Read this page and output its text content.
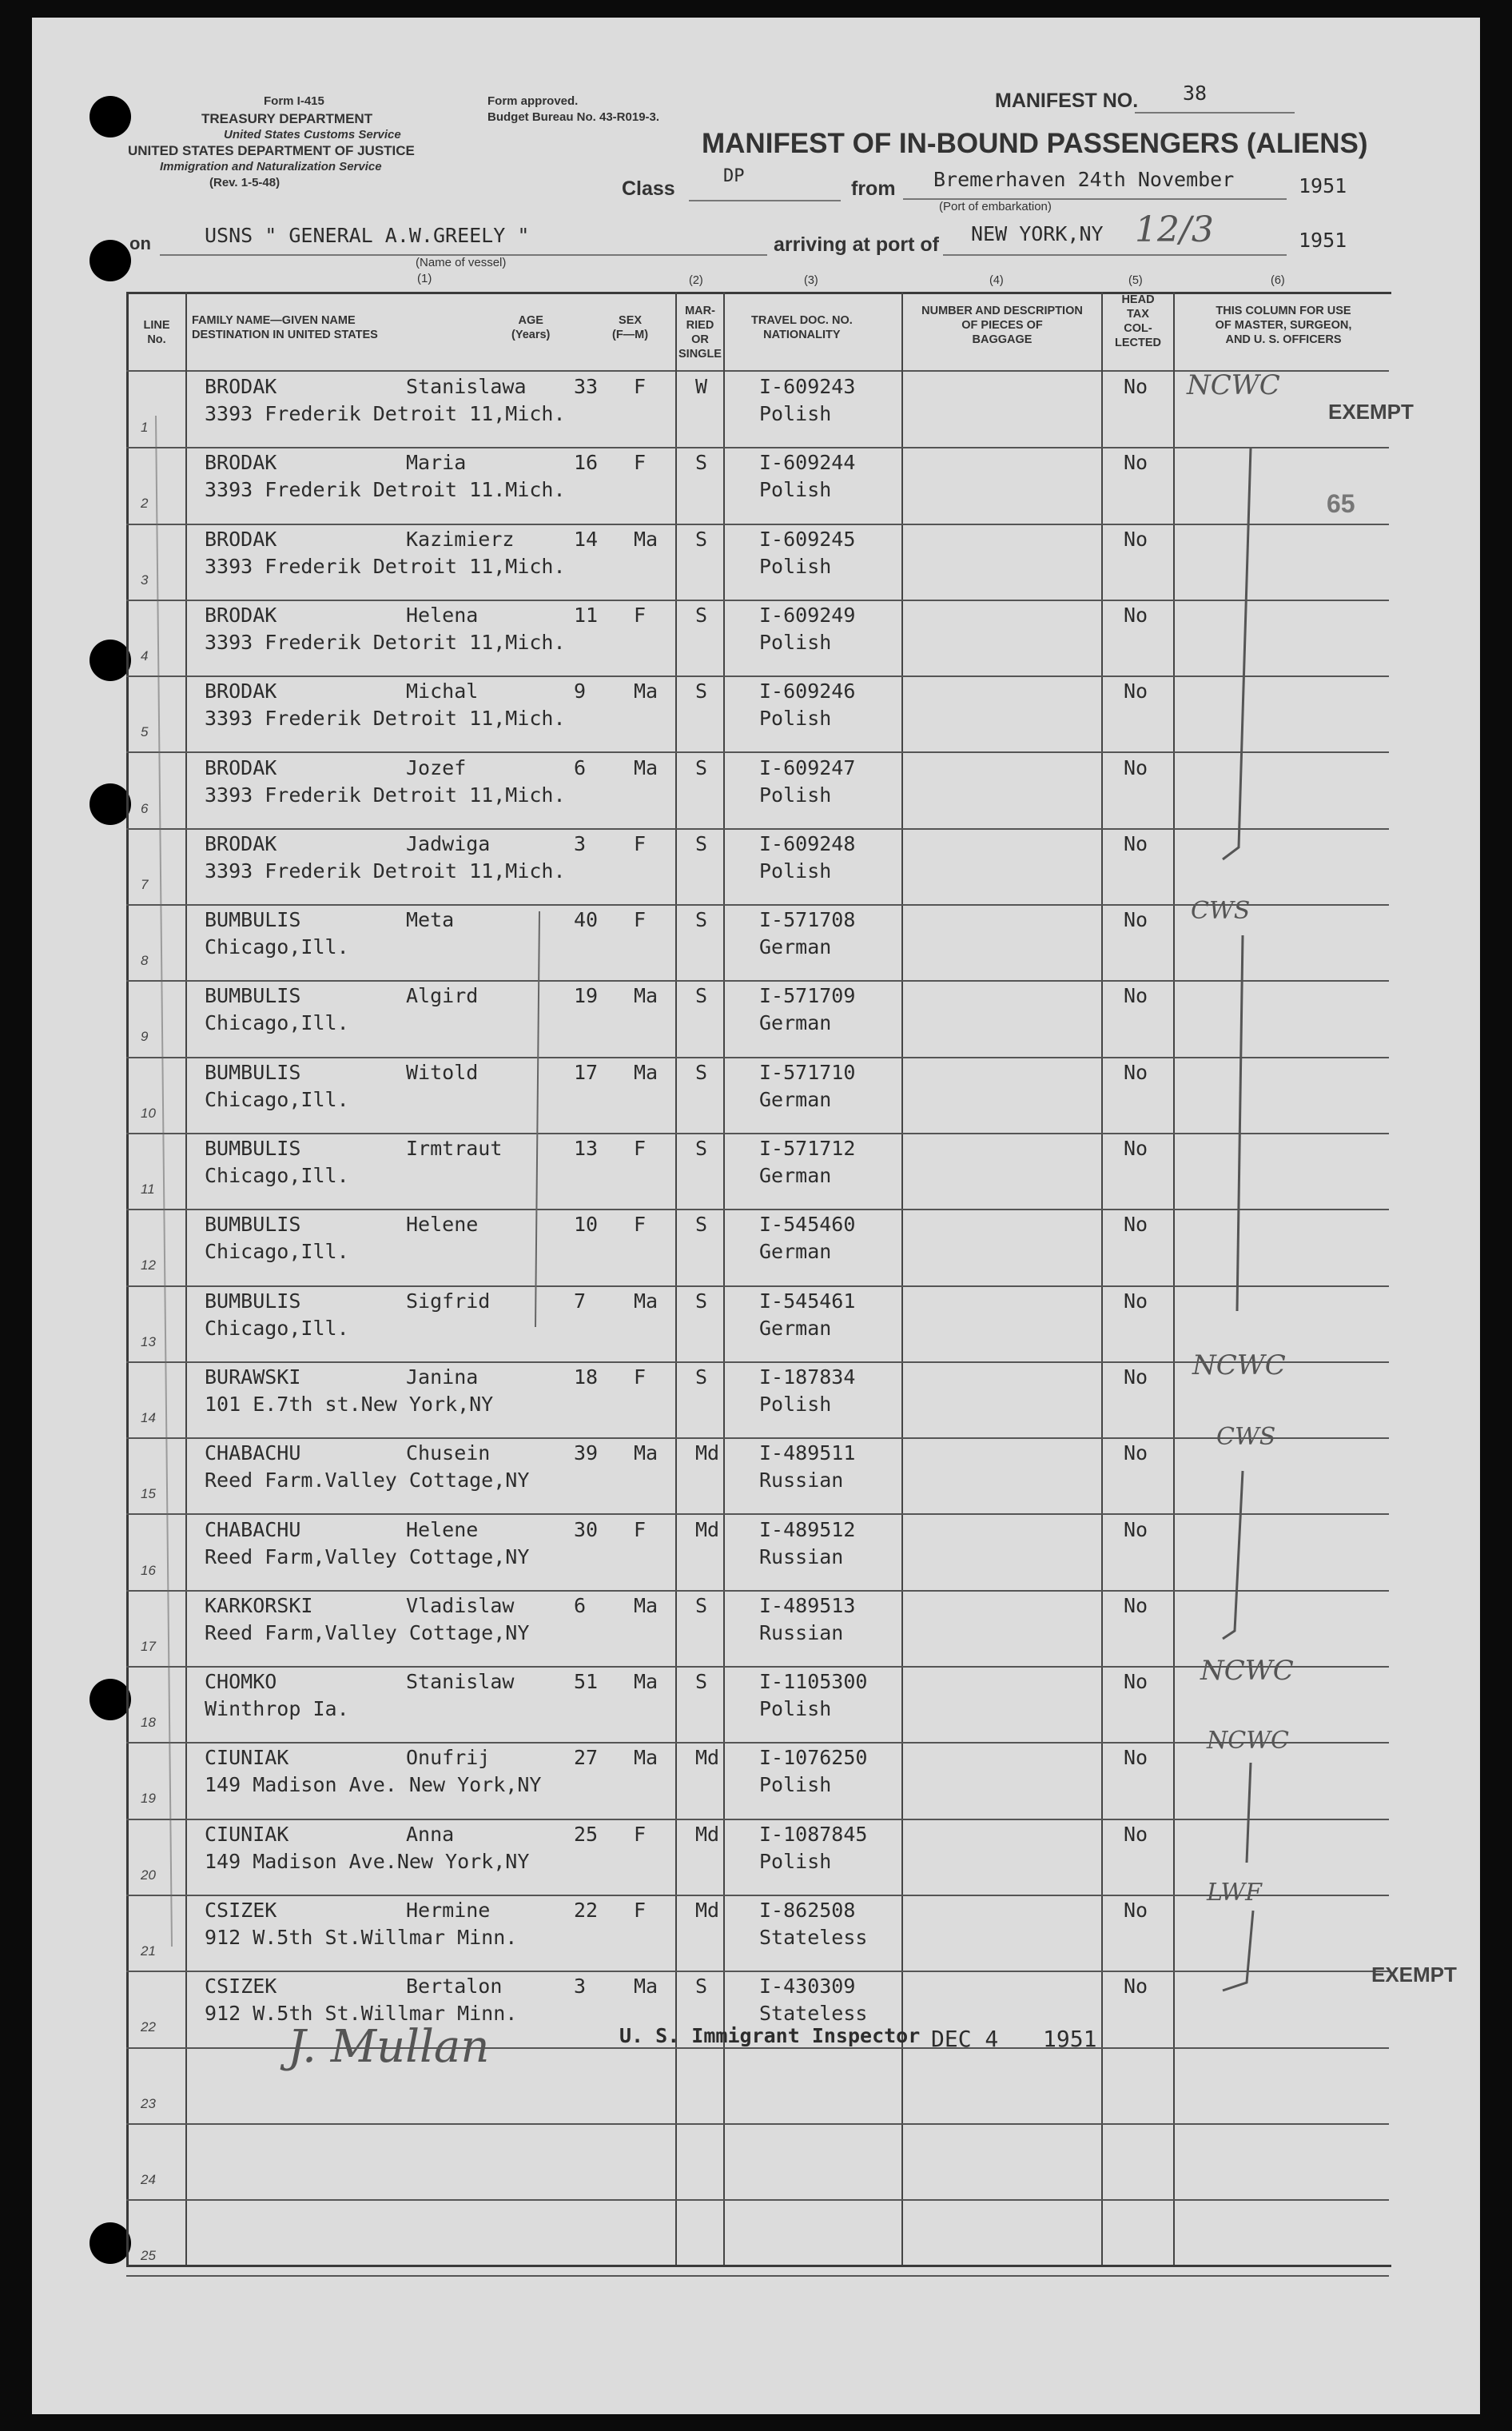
Form I-415
TREASURY DEPARTMENT
United States Customs Service
UNITED STATES DEPARTMENT OF JUSTICE
Immigration and Naturalization Service
(Rev. 1-5-48)
Form approved.
Budget Bureau No. 43-R019-3.
MANIFEST NO. 38
MANIFEST OF IN-BOUND PASSENGERS (ALIENS)
Class
DP
from Bremerhaven 24th November	1951
(Port of embarkation)
on	USNS " GENERAL A.W.GREELY "
(Name of vessel)
(1)
arriving at port of NEW YORK,NY 12/3	1951
LINE No.
FAMILY NAME—GIVEN NAME
DESTINATION IN UNITED STATES
AGE
(Years)
SEX
(F—M)
MAR-
RIED
OR
SINGLE
(2)
TRAVEL DOC. NO.
NATIONALITY
(3)
NUMBER AND DESCRIPTION
OF PIECES OF
BAGGAGE
(4)
HEAD
TAX
COL-
LECTED
(5)
THIS COLUMN FOR USE
OF MASTER, SURGEON,
AND U. S. OFFICERS
(6)
1
BRODAK	Stanislawa 33 F W	I-609243
3393 Frederik Detroit 11,Mich.	Polish
No
2
BRODAK	Maria	16 F S	I-609244
3393 Frederik Detroit 11.Mich.	Polish
No
3
BRODAK	Kazimierz	14 Ma S	I-609245
3393 Frederik Detroit 11,Mich.	Polish
No
4
BRODAK	Helena	11 F S	I-609249
3393 Frederik Detorit 11,Mich.	Polish
No
5
BRODAK	Michal	9 Ma S	I-609246
3393 Frederik Detroit 11,Mich.	Polish
No
6
BRODAK	Jozef	6 Ma S	I-609247
3393 Frederik Detroit 11,Mich.	Polish
No
7
BRODAK	Jadwiga	3 F S	I-609248
3393 Frederik Detroit 11,Mich.	Polish
No
8
BUMBULIS	Meta	40 F S	I-571708
Chicago,Ill.	German
No
9
BUMBULIS	Algird	19 Ma S	I-571709
Chicago,Ill.	German
No
10
BUMBULIS	Witold	17 Ma S	I-571710
Chicago,Ill.	German
No
11
BUMBULIS	Irmtraut	13 F S	I-571712
Chicago,Ill.	German
No
12
BUMBULIS	Helene	10 F S	I-545460
Chicago,Ill.	German
No
13
BUMBULIS	Sigfrid	7 Ma S	I-545461
Chicago,Ill.	German
No
14
BURAWSKI	Janina	18 F S	I-187834
101 E.7th st.New York,NY	Polish
No
15
CHABACHU	Chusein	39 Ma Md I-489511
Reed Farm.Valley Cottage,NY	Russian
No
16
CHABACHU	Helene	30 F Md I-489512
Reed Farm,Valley Cottage,NY	Russian
No
17
KARKORSKI	Vladislaw	6 Ma S	I-489513
Reed Farm,Valley Cottage,NY	Russian
No
18
CHOMKO	Stanislaw	51 Ma S	I-1105300
Winthrop Ia.	Polish
No
19
CIUNIAK	Onufrij	27 Ma Md I-1076250
149 Madison Ave. New York,NY	Polish
No
20
CIUNIAK	Anna	25 F Md I-1087845
149 Madison Ave.New York,NY	Polish
No
21
CSIZEK	Hermine	22 F Md I-862508
912 W.5th St.Willmar Minn.	Stateless
No
22
CSIZEK	Bertalon	3 Ma S	I-430309
912 W.5th St.Willmar Minn.	Stateless
No
23
24
25
EXEMPT
65
NCWC
CWS
NCWC
CWS
NCWC
NCWC
LWF
EXEMPT
U. S. Immigrant Inspector DEC 4 1951
J. Mullan
